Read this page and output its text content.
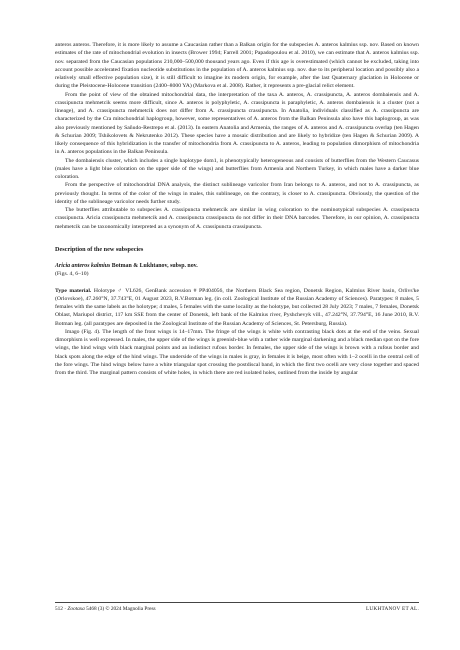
anteros anteros. Therefore, it is more likely to assume a Caucasian rather than a Balkan origin for the subspecies A. anteros kalmius ssp. nov. Based on known estimates of the rate of mitochondrial evolution in insects (Brower 1994; Farrell 2001; Papadopoulou et al. 2010), we can estimate that A. anteros kalmius ssp. nov. separated from the Caucasian populations 210,000–500,000 thousand years ago. Even if this age is overestimated (which cannot be excluded, taking into account possible accelerated fixation nucleotide substitutions in the population of A. anteros kalmius ssp. nov. due to its peripheral location and possibly also a relatively small effective population size), it is still difficult to imagine its modern origin, for example, after the last Quaternary glaciation in Holocene or during the Pleistocene-Holocene transition (2400–8000 YA) (Markova et al. 2008). Rather, it represents a pre-glacial relict element.

From the point of view of the obtained mitochondrial data, the interpretation of the taxa A. anteros, A. crassipuncta, A. anteros dombaiensis and A. crassipuncta mehmetcik seems more difficult, since A. anteros is polyphyletic, A. crassipuncta is paraphyletic, A. anteros dombaiensis is a cluster (not a lineage), and A. crassipuncta mehmetcik does not differ from A. crassipuncta crassipuncta. In Anatolia, individuals classified as A. crassipuncta are characterized by the Cra mitochondrial haplogroup, however, some representatives of A. anteros from the Balkan Peninsula also have this haplogroup, as was also previously mentioned by Sañudo-Restrepo et al. (2013). In eastern Anatolia and Armenia, the ranges of A. anteros and A. crassipuncta overlap (ten Hagen & Schurian 2009; Tshikolovets & Nekrutenko 2012). These species have a mosaic distribution and are likely to hybridize (ten Hagen & Schurian 2009). A likely consequence of this hybridization is the transfer of mitochondria from A. crassipuncta to A. anteros, leading to population dimorphism of mitochondria in A. anteros populations in the Balkan Peninsula.

The dombaiensis cluster, which includes a single haplotype dom1, is phenotypically heterogeneous and consists of butterflies from the Western Caucasus (males have a light blue coloration on the upper side of the wings) and butterflies from Armenia and Northern Turkey, in which males have a darker blue coloration.

From the perspective of mitochondrial DNA analysis, the distinct sublineage varicolor from Iran belongs to A. anteros, and not to A. crassipuncta, as previously thought. In terms of the color of the wings in males, this sublineage, on the contrary, is closer to A. crassipuncta. Obviously, the question of the identity of the sublineage varicolor needs further study.

The butterflies attributable to subspecies A. crassipuncta mehmetcik are similar in wing coloration to the nominotypical subspecies A. crassipuncta crassipuncta. Aricia crassipuncta mehmetcik and A. crassipuncta crassipuncta do not differ in their DNA barcodes. Therefore, in our opinion, A. crassipuncta mehmetcik can be taxonomically interpreted as a synonym of A. crassipuncta crassipuncta.

Description of the new subspecies

Aricia anteros kalmius Botman & Lukhtanov, subsp. nov.

(Figs. 4, 6–10)

Type material. Holotype ♂ VL626, GenBank accession # PP404056, the Northern Black Sea region, Donetsk Region, Kalmius River basin, Orlivs'ke (Orlovskoe), 47.260°N, 37.743°E, 01 August 2023, R.V.Botman leg. (in coll. Zoological Institute of the Russian Academy of Sciences). Paratypes: 8 males, 5 females with the same labels as the holotype; 4 males, 5 females with the same locality as the holotype, but collected 28 July 2023; 7 males, 7 females, Donetsk Oblast, Mariupol district, 117 km SSE from the center of Donetsk, left bank of the Kalmius river, Pyshchevyk vill., 47.242°N, 37.794°E, 16 June 2010, R.V. Botman leg. (all paratypes are deposited in the Zoological Institute of the Russian Academy of Sciences, St. Petersburg, Russia).

Imago (Fig. 4). The length of the front wings is 14–17mm. The fringe of the wings is white with contrasting black dots at the end of the veins. Sexual dimorphism is well expressed. In males, the upper side of the wings is greenish-blue with a rather wide marginal darkening and a black median spot on the fore wings, the hind wings with black marginal points and an indistinct rufous border. In females, the upper side of the wings is brown with a rufous border and black spots along the edge of the hind wings. The underside of the wings in males is gray, in females it is beige, most often with 1–2 ocelli in the central cell of the fore wings. The hind wings below have a white triangular spot crossing the postdiscal band, in which the first two ocelli are very close together and spaced from the third. The marginal pattern consists of white holes, in which there are red isolated holes, outlined from the inside by angular

512 · Zootaxa 5468 (3) © 2024 Magnolia Press	LUKHTANOV ET AL.
